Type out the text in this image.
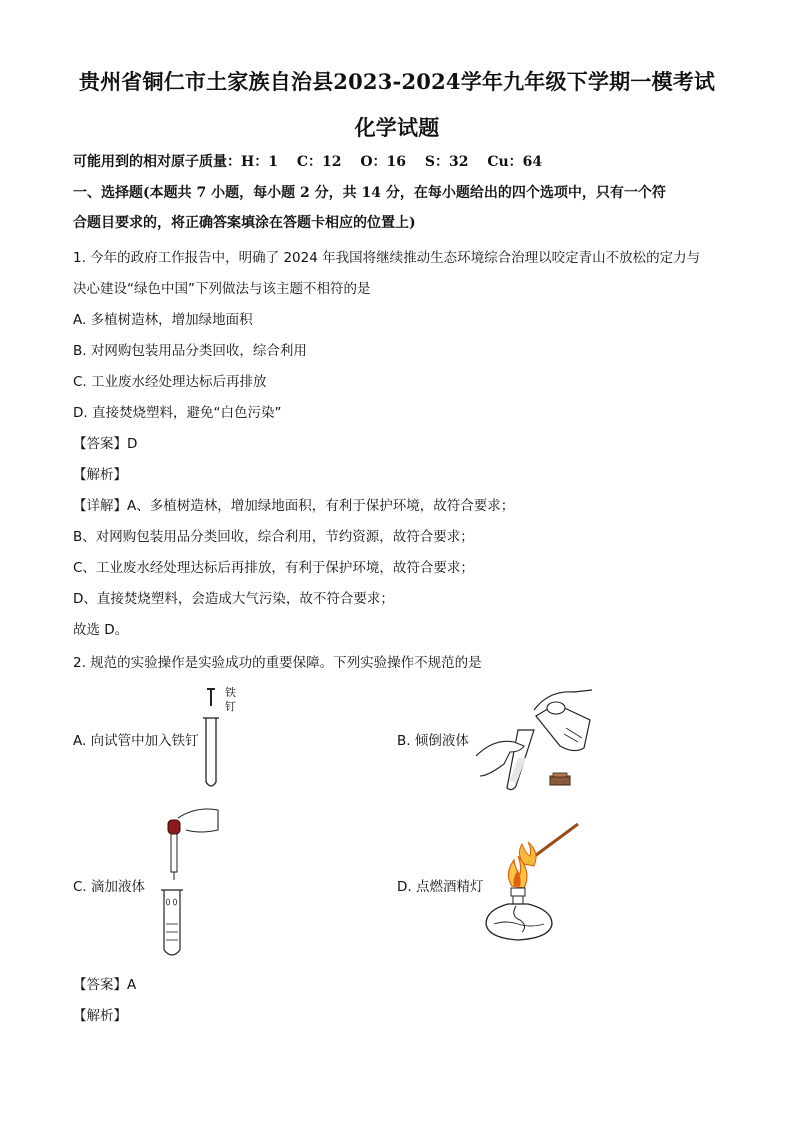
贵州省铜仁市土家族自治县2023-2024学年九年级下学期一模考试
化学试题
可能用到的相对原子质量：H：1　 C：12　 O：16　 S：32　 Cu：64
一、选择题(本题共 7 小题，每小题 2 分，共 14 分，在每小题给出的四个选项中，只有一个符
合题目要求的，将正确答案填涂在答题卡相应的位置上)
1. 今年的政府工作报告中，明确了 2024 年我国将继续推动生态环境综合治理以咬定青山不放松的定力与
决心建设“绿色中国”下列做法与该主题不相符的是
A. 多植树造林，增加绿地面积
B. 对网购包装用品分类回收，综合利用
C. 工业废水经处理达标后再排放
D. 直接焚烧塑料，避免“白色污染”
【答案】D
【解析】
【详解】A、多植树造林，增加绿地面积，有利于保护环境，故符合要求；
B、对网购包装用品分类回收，综合利用，节约资源，故符合要求；
C、工业废水经处理达标后再排放，有利于保护环境，故符合要求；
D、直接焚烧塑料，会造成大气污染，故不符合要求；
故选 D。
2. 规范的实验操作是实验成功的重要保障。下列实验操作不规范的是
A. 向试管中加入铁钉
铁
钉
B. 倾倒液体
C. 滴加液体	D. 点燃酒精灯
【答案】A
【解析】
